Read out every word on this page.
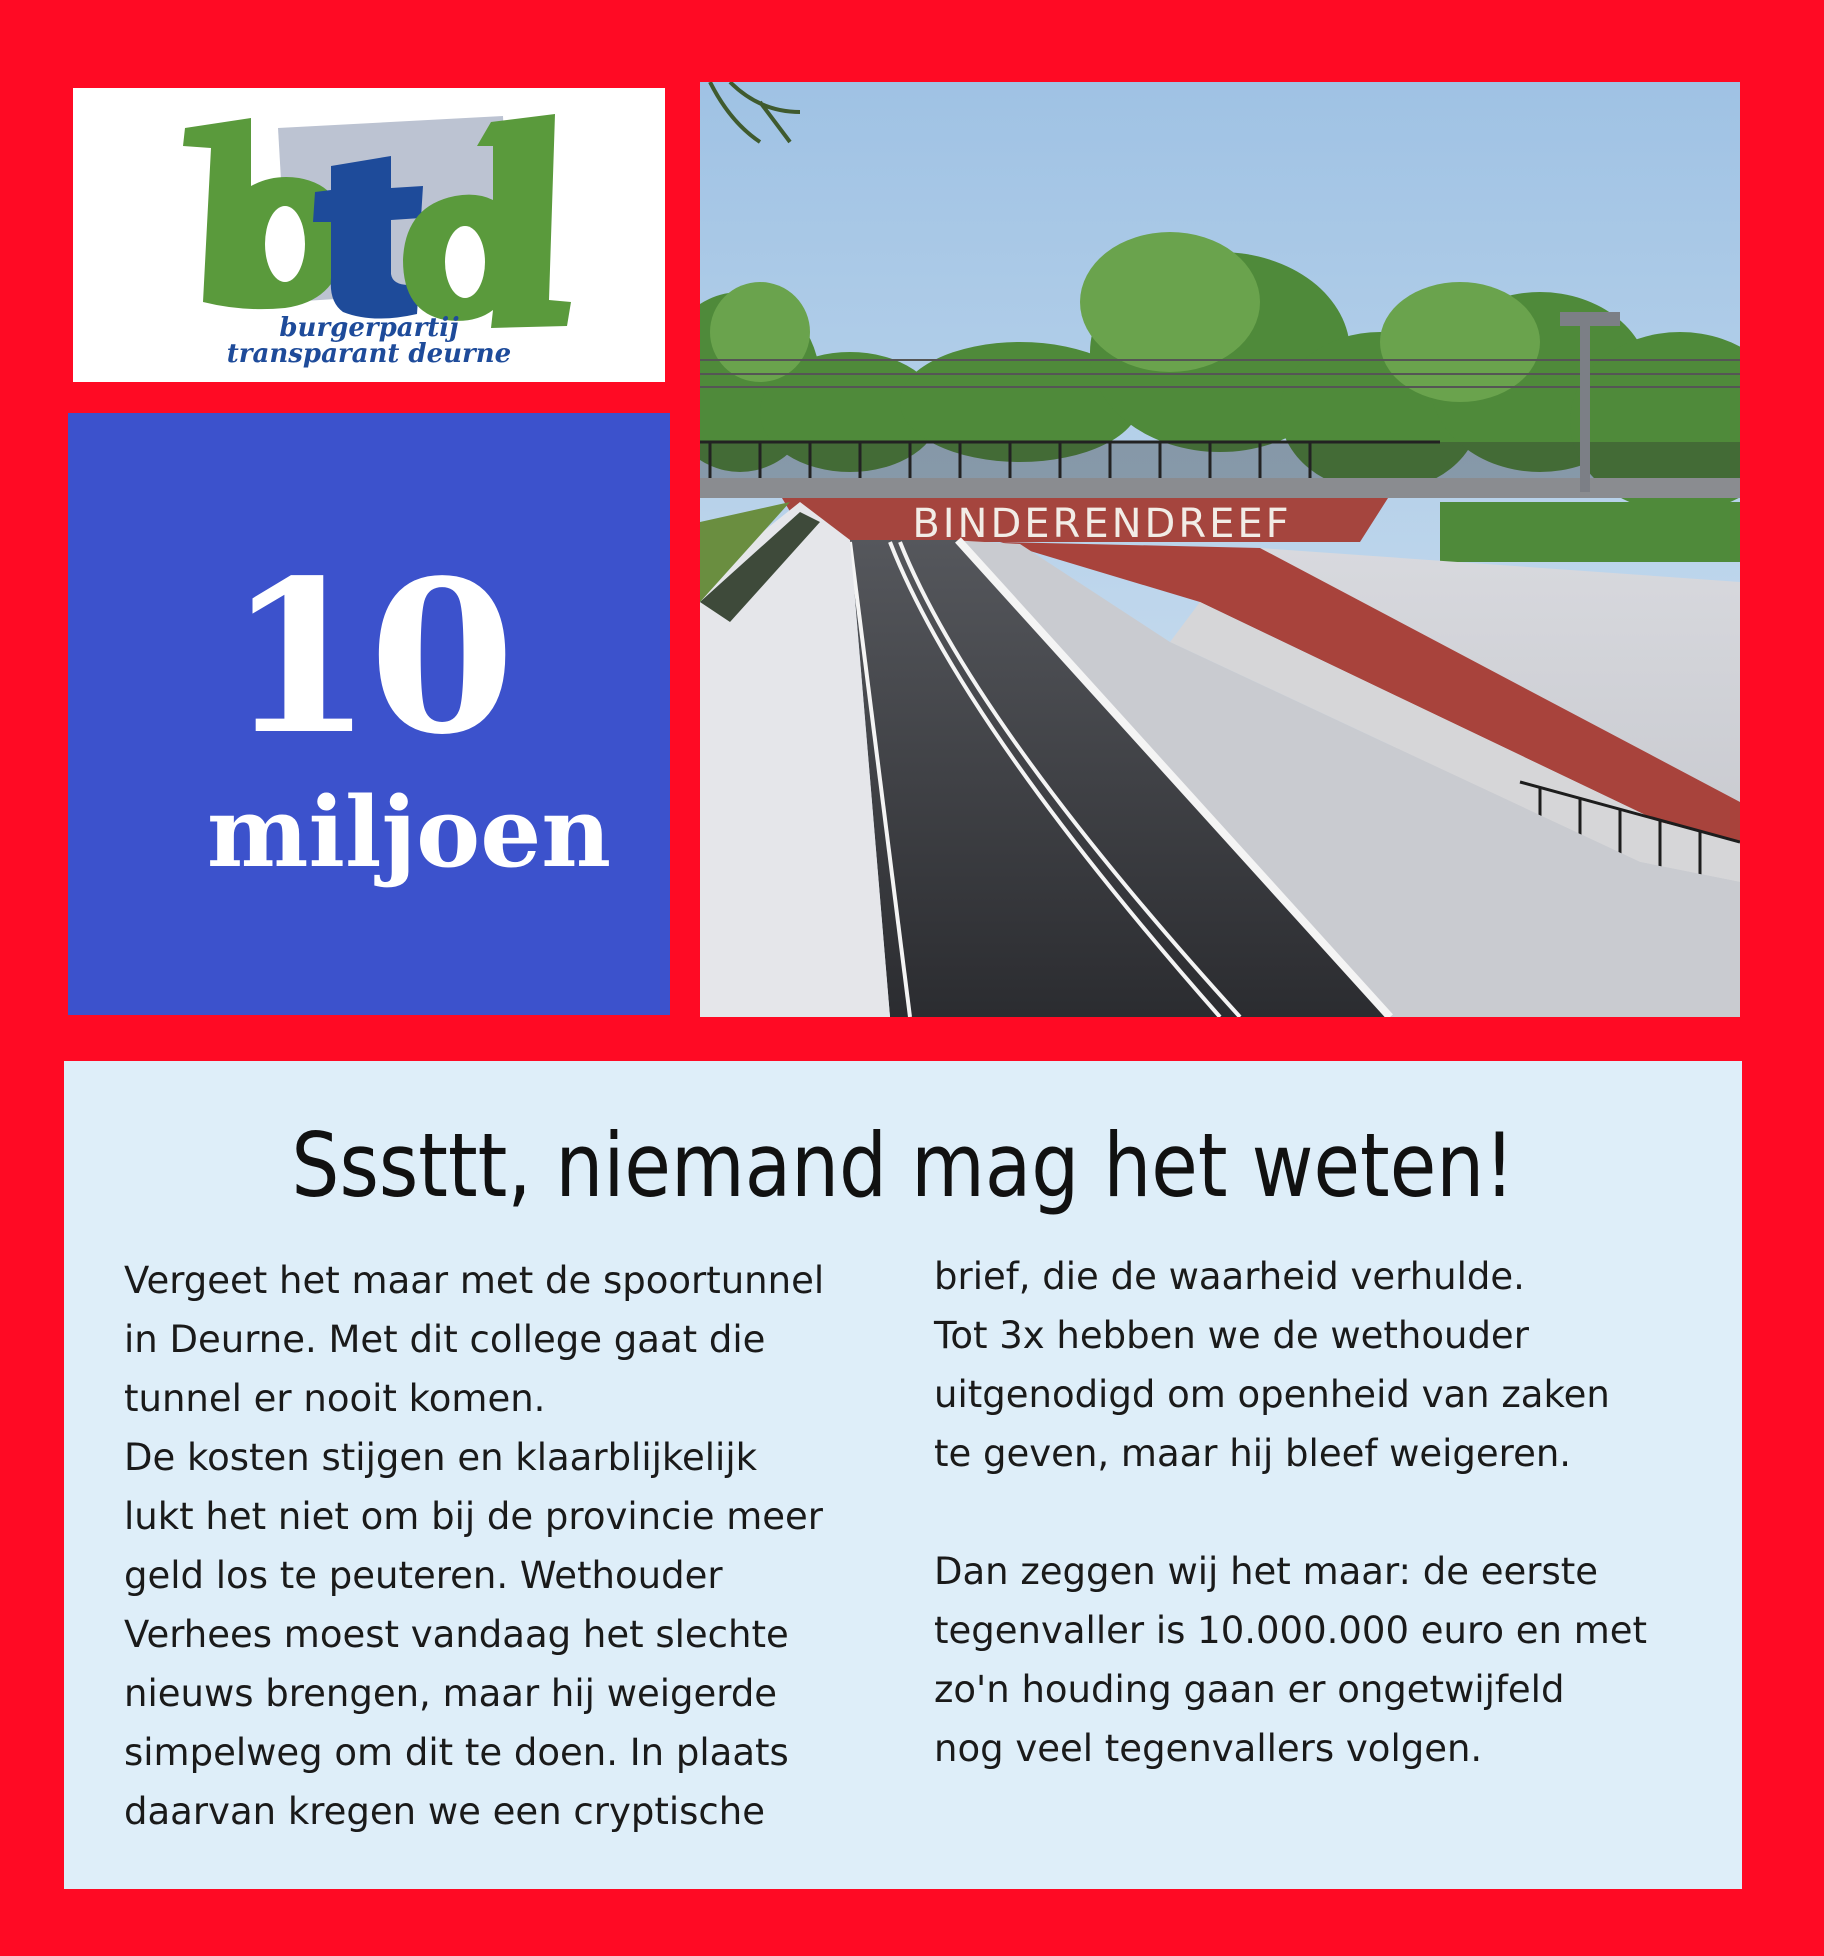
burgerpartij
transparant deurne
10
miljoen
BINDERENDREEF
Sssttt, niemand mag het weten!
Vergeet het maar met de spoortunnel
in Deurne. Met dit college gaat die
tunnel er nooit komen.
De kosten stijgen en klaarblijkelijk
lukt het niet om bij de provincie meer
geld los te peuteren. Wethouder
Verhees moest vandaag het slechte
nieuws brengen, maar hij weigerde
simpelweg om dit te doen. In plaats
daarvan kregen we een cryptische
brief, die de waarheid verhulde.
Tot 3x hebben we de wethouder
uitgenodigd om openheid van zaken
te geven, maar hij bleef weigeren.

Dan zeggen wij het maar: de eerste
tegenvaller is 10.000.000 euro en met
zo'n houding gaan er ongetwijfeld
nog veel tegenvallers volgen.
